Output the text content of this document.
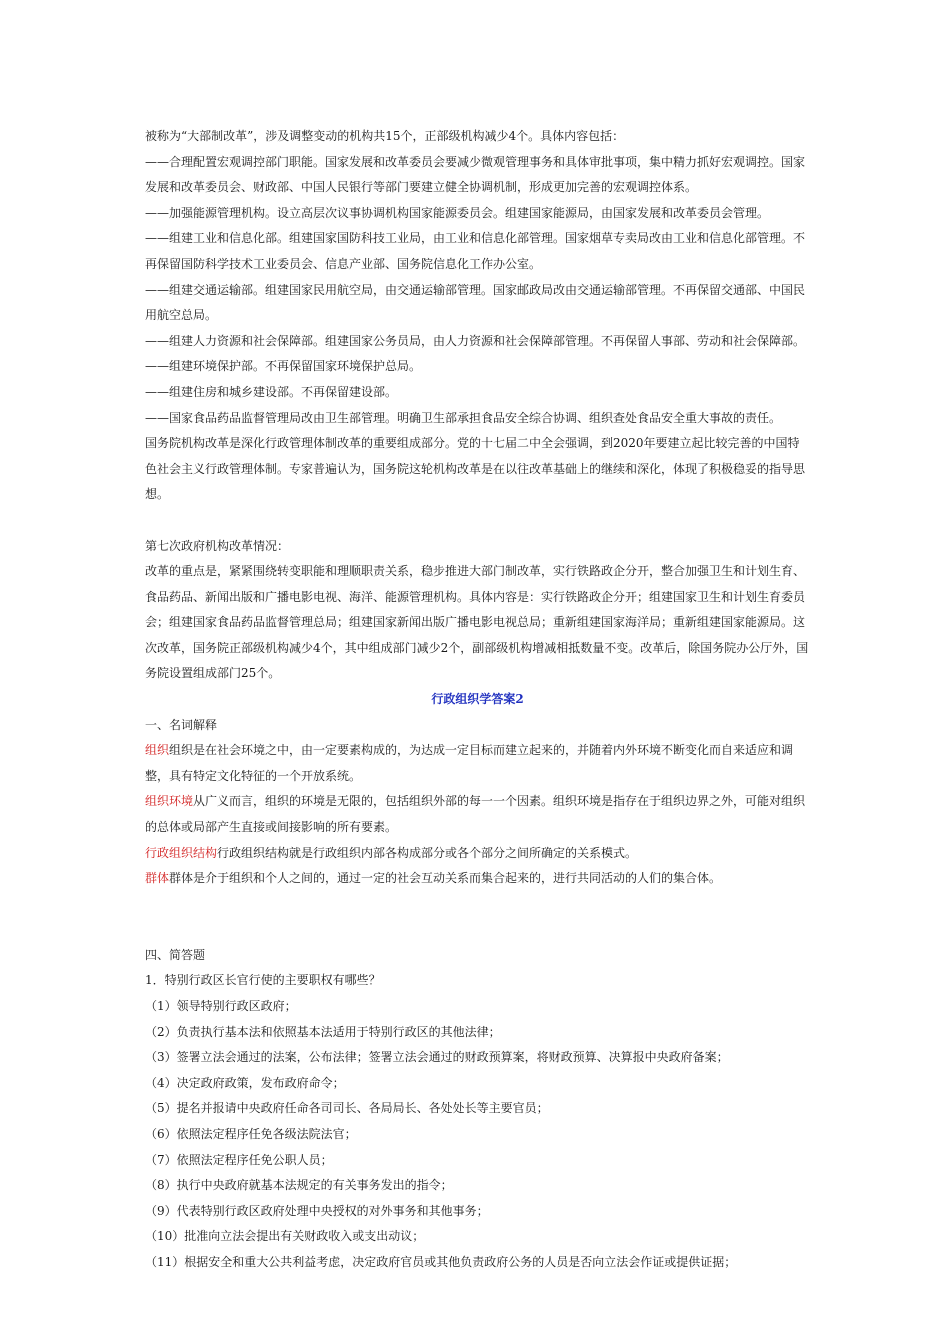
被称为“大部制改革”，涉及调整变动的机构共15个，正部级机构减少4个。具体内容包括：

——合理配置宏观调控部门职能。国家发展和改革委员会要减少微观管理事务和具体审批事项，集中精力抓好宏观调控。国家发展和改革委员会、财政部、中国人民银行等部门要建立健全协调机制，形成更加完善的宏观调控体系。

——加强能源管理机构。设立高层次议事协调机构国家能源委员会。组建国家能源局，由国家发展和改革委员会管理。

——组建工业和信息化部。组建国家国防科技工业局，由工业和信息化部管理。国家烟草专卖局改由工业和信息化部管理。不再保留国防科学技术工业委员会、信息产业部、国务院信息化工作办公室。

——组建交通运输部。组建国家民用航空局，由交通运输部管理。国家邮政局改由交通运输部管理。不再保留交通部、中国民用航空总局。

——组建人力资源和社会保障部。组建国家公务员局，由人力资源和社会保障部管理。不再保留人事部、劳动和社会保障部。

——组建环境保护部。不再保留国家环境保护总局。

——组建住房和城乡建设部。不再保留建设部。

——国家食品药品监督管理局改由卫生部管理。明确卫生部承担食品安全综合协调、组织查处食品安全重大事故的责任。

国务院机构改革是深化行政管理体制改革的重要组成部分。党的十七届二中全会强调，到2020年要建立起比较完善的中国特色社会主义行政管理体制。专家普遍认为，国务院这轮机构改革是在以往改革基础上的继续和深化，体现了积极稳妥的指导思想。

第七次政府机构改革情况：

改革的重点是，紧紧围绕转变职能和理顺职责关系，稳步推进大部门制改革，实行铁路政企分开，整合加强卫生和计划生育、食品药品、新闻出版和广播电影电视、海洋、能源管理机构。具体内容是：实行铁路政企分开；组建国家卫生和计划生育委员会；组建国家食品药品监督管理总局；组建国家新闻出版广播电影电视总局；重新组建国家海洋局；重新组建国家能源局。这次改革，国务院正部级机构减少4个，其中组成部门减少2个，副部级机构增减相抵数量不变。改革后，除国务院办公厅外，国务院设置组成部门25个。

行政组织学答案2

一、名词解释

组织组织是在社会环境之中，由一定要素构成的，为达成一定目标而建立起来的，并随着内外环境不断变化而自来适应和调整，具有特定文化特征的一个开放系统。

组织环境从广义而言，组织的环境是无限的，包括组织外部的每一一个因素。组织环境是指存在于组织边界之外，可能对组织的总体或局部产生直接或间接影响的所有要素。

行政组织结构行政组织结构就是行政组织内部各构成部分或各个部分之间所确定的关系模式。

群体群体是介于组织和个人之间的，通过一定的社会互动关系而集合起来的，进行共同活动的人们的集合体。

四、简答题

1．特别行政区长官行使的主要职权有哪些？

（1）领导特别行政区政府；

（2）负责执行基本法和依照基本法适用于特别行政区的其他法律；

（3）签署立法会通过的法案，公布法律；签署立法会通过的财政预算案，将财政预算、决算报中央政府备案；

（4）决定政府政策，发布政府命令；

（5）提名并报请中央政府任命各司司长、各局局长、各处处长等主要官员；

（6）依照法定程序任免各级法院法官；

（7）依照法定程序任免公职人员；

（8）执行中央政府就基本法规定的有关事务发出的指令；

（9）代表特别行政区政府处理中央授权的对外事务和其他事务；

（10）批准向立法会提出有关财政收入或支出动议；

（11）根据安全和重大公共利益考虑，决定政府官员或其他负责政府公务的人员是否向立法会作证或提供证据；
